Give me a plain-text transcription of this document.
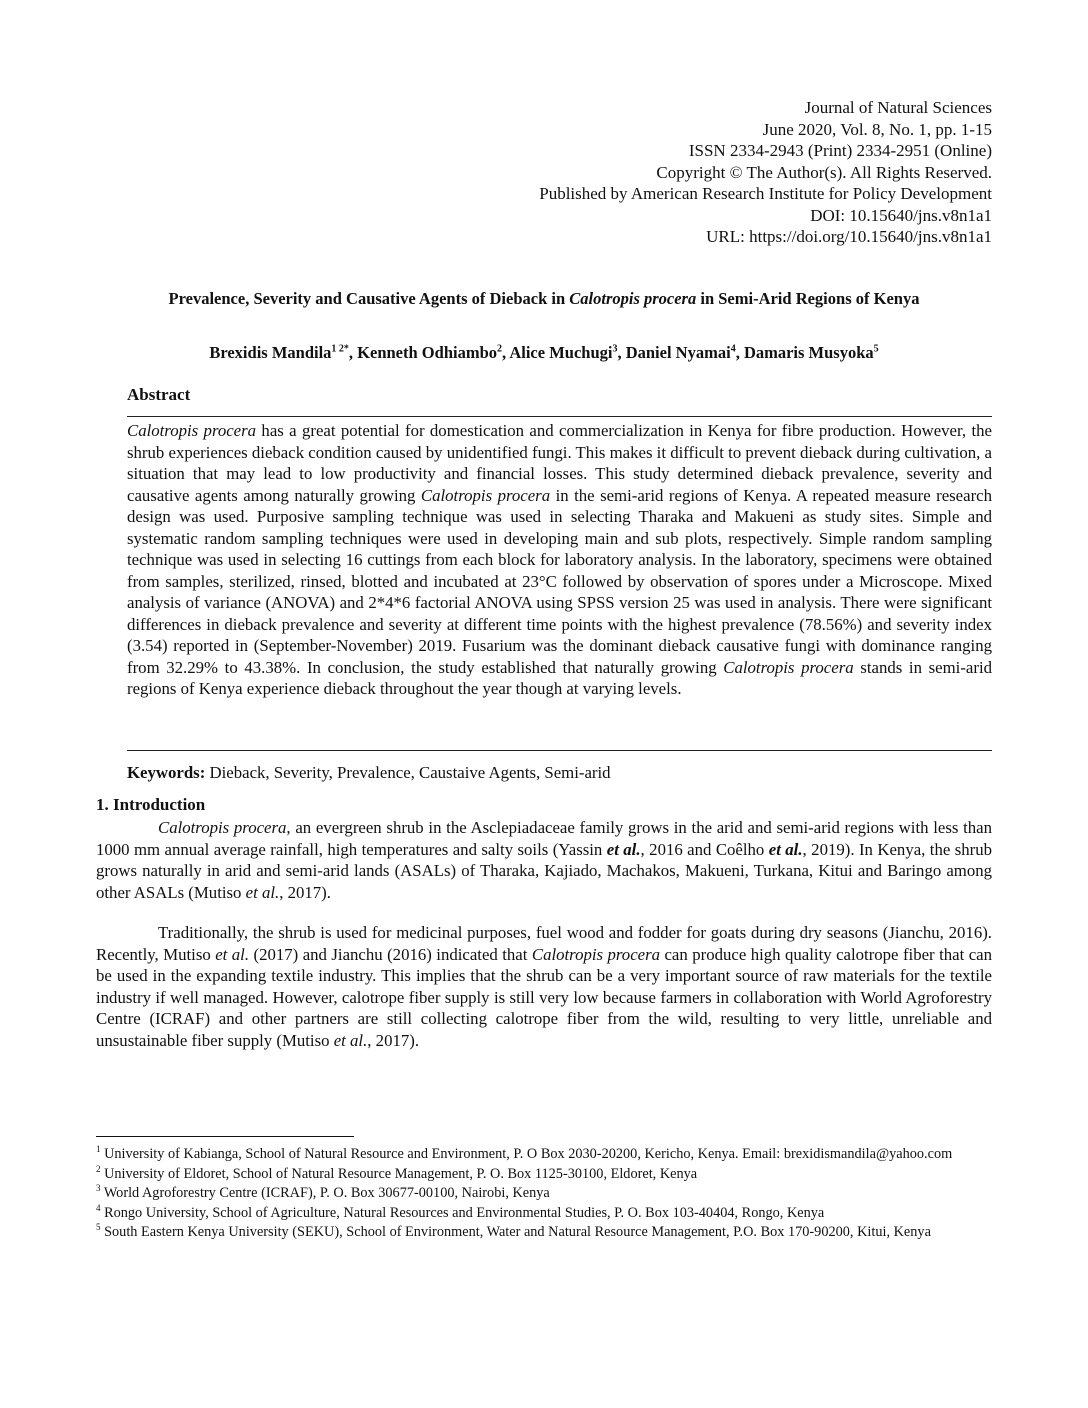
Journal of Natural Sciences
June 2020, Vol. 8, No. 1, pp. 1-15
ISSN 2334-2943 (Print) 2334-2951 (Online)
Copyright © The Author(s). All Rights Reserved.
Published by American Research Institute for Policy Development
DOI: 10.15640/jns.v8n1a1
URL: https://doi.org/10.15640/jns.v8n1a1
Prevalence, Severity and Causative Agents of Dieback in Calotropis procera in Semi-Arid Regions of Kenya
Brexidis Mandila$^{1 2*}$, Kenneth Odhiambo$^2$, Alice Muchugi$^3$, Daniel Nyamai$^4$, Damaris Musyoka$^5$
Abstract
Calotropis procera has a great potential for domestication and commercialization in Kenya for fibre production. However, the shrub experiences dieback condition caused by unidentified fungi. This makes it difficult to prevent dieback during cultivation, a situation that may lead to low productivity and financial losses. This study determined dieback prevalence, severity and causative agents among naturally growing Calotropis procera in the semi-arid regions of Kenya. A repeated measure research design was used. Purposive sampling technique was used in selecting Tharaka and Makueni as study sites. Simple and systematic random sampling techniques were used in developing main and sub plots, respectively. Simple random sampling technique was used in selecting 16 cuttings from each block for laboratory analysis. In the laboratory, specimens were obtained from samples, sterilized, rinsed, blotted and incubated at 23°C followed by observation of spores under a Microscope. Mixed analysis of variance (ANOVA) and 2*4*6 factorial ANOVA using SPSS version 25 was used in analysis. There were significant differences in dieback prevalence and severity at different time points with the highest prevalence (78.56%) and severity index (3.54) reported in (September-November) 2019. Fusarium was the dominant dieback causative fungi with dominance ranging from 32.29% to 43.38%. In conclusion, the study established that naturally growing Calotropis procera stands in semi-arid regions of Kenya experience dieback throughout the year though at varying levels.
Keywords: Dieback, Severity, Prevalence, Caustaive Agents, Semi-arid
1. Introduction

Calotropis procera, an evergreen shrub in the Asclepiadaceae family grows in the arid and semi-arid regions with less than 1000 mm annual average rainfall, high temperatures and salty soils (Yassin et al., 2016 and Coêlho et al., 2019). In Kenya, the shrub grows naturally in arid and semi-arid lands (ASALs) of Tharaka, Kajiado, Machakos, Makueni, Turkana, Kitui and Baringo among other ASALs (Mutiso et al., 2017).

Traditionally, the shrub is used for medicinal purposes, fuel wood and fodder for goats during dry seasons (Jianchu, 2016). Recently, Mutiso et al. (2017) and Jianchu (2016) indicated that Calotropis procera can produce high quality calotrope fiber that can be used in the expanding textile industry. This implies that the shrub can be a very important source of raw materials for the textile industry if well managed. However, calotrope fiber supply is still very low because farmers in collaboration with World Agroforestry Centre (ICRAF) and other partners are still collecting calotrope fiber from the wild, resulting to very little, unreliable and unsustainable fiber supply (Mutiso et al., 2017).

$^1$ University of Kabianga, School of Natural Resource and Environment, P. O Box 2030-20200, Kericho, Kenya. Email: brexidismandila@yahoo.com
$^2$ University of Eldoret, School of Natural Resource Management, P. O. Box 1125-30100, Eldoret, Kenya
$^3$ World Agroforestry Centre (ICRAF), P. O. Box 30677-00100, Nairobi, Kenya
$^4$ Rongo University, School of Agriculture, Natural Resources and Environmental Studies, P. O. Box 103-40404, Rongo, Kenya
$^5$ South Eastern Kenya University (SEKU), School of Environment, Water and Natural Resource Management, P.O. Box 170-90200, Kitui, Kenya
